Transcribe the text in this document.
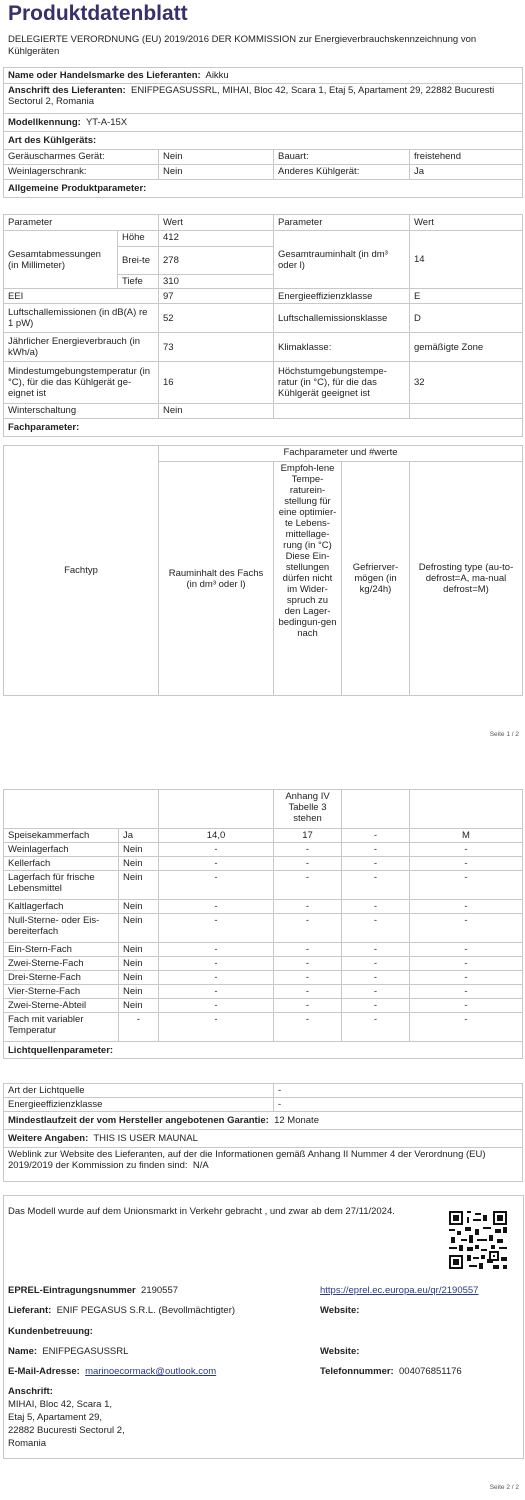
Produktdatenblatt
DELEGIERTE VERORDNUNG (EU) 2019/2016 DER KOMMISSION zur Energieverbrauchskennzeichnung von Kühlgeräten
Name oder Handelsmarke des Lieferanten: Aikku			
Anschrift des Lieferanten: ENIFPEGASUSSRL, MIHAI, Bloc 42, Scara 1, Etaj 5, Apartament 29, 22882 Bucuresti Sectorul 2, Romania			
Modellkennung: YT-A-15X			
Art des Kühlgeräts:			
Geräuscharmes Gerät:	Nein	Bauart:	freistehend
Weinlagerschrank:	Nein	Anderes Kühlgerät:	Ja
Allgemeine Produktparameter:			
Parameter		Wert	Parameter	Wert
Gesamtabmessungen (in Millimeter)	Höhe	412	Gesamtrauminhalt (in dm³ oder l)	14
	Brei-te	278		
	Tiefe	310		
EEI		97	Energieeffizienzklasse	E
Luftschallemissionen (in dB(A) re 1 pW)		52	Luftschallemissionsklasse	D
Jährlicher Energieverbrauch (in kWh/a)		73	Klimaklasse:	gemäßigte Zone
Mindestumgebungstemperatur (in °C), für die das Kühlgerät ge-eignet ist		16	Höchstumgebungstempe-ratur (in °C), für die das Kühlgerät geeignet ist	32
Winterschaltung		Nein		
Fachparameter:				
Fachtyp	Fachparameter und #werte			
	Rauminhalt des Fachs (in dm³ oder l)	Empfoh-lene Tempe-raturein-stellung für eine optimier-te Lebens-mittellage-rung (in °C) Diese Ein-stellungen dürfen nicht im Wider-spruch zu den Lager-bedingun-gen nach	Gefrierver-mögen (in kg/24h)	Defrosting type (au-to-defrost=A, ma-nual defrost=M)
Seite 1 / 2
			Anhang IV Tabelle 3 stehen		
Speisekammerfach	Ja	14,0	17	-	M
Weinlagerfach	Nein	-	-	-	-
Kellerfach	Nein	-	-	-	-
Lagerfach für frische Lebensmittel	Nein	-	-	-	-
Kaltlagerfach	Nein	-	-	-	-
Null-Sterne- oder Eis-bereiterfach	Nein	-	-	-	-
Ein-Stern-Fach	Nein	-	-	-	-
Zwei-Sterne-Fach	Nein	-	-	-	-
Drei-Sterne-Fach	Nein	-	-	-	-
Vier-Sterne-Fach	Nein	-	-	-	-
Zwei-Sterne-Abteil	Nein	-	-	-	-
Fach mit variabler Temperatur	-	-	-	-	-
Lichtquellenparameter:					
Art der Lichtquelle	-
Energieeffizienzklasse	-
Mindestlaufzeit der vom Hersteller angebotenen Garantie: 12 Monate	
Weitere Angaben: THIS IS USER MAUNAL	
Weblink zur Website des Lieferanten, auf der die Informationen gemäß Anhang II Nummer 4 der Verordnung (EU) 2019/2019 der Kommission zu finden sind: N/A	
Das Modell wurde auf dem Unionsmarkt in Verkehr gebracht , und zwar ab dem 27/11/2024.
EPREL-Eintragungsnummer 2190557	https://eprel.ec.europa.eu/qr/2190557
Lieferant: ENIF PEGASUS S.R.L. (Bevollmächtigter)	Website:
Kundenbetreuung:
Name: ENIFPEGASUSSRL	Website:
E-Mail-Adresse: marinoecormack@outlook.com	Telefonnummer: 004076851176
Anschrift:
MIHAI, Bloc 42, Scara 1,
Etaj 5, Apartament 29,
22882 Bucuresti Sectorul 2,
Romania
Seite 2 / 2
